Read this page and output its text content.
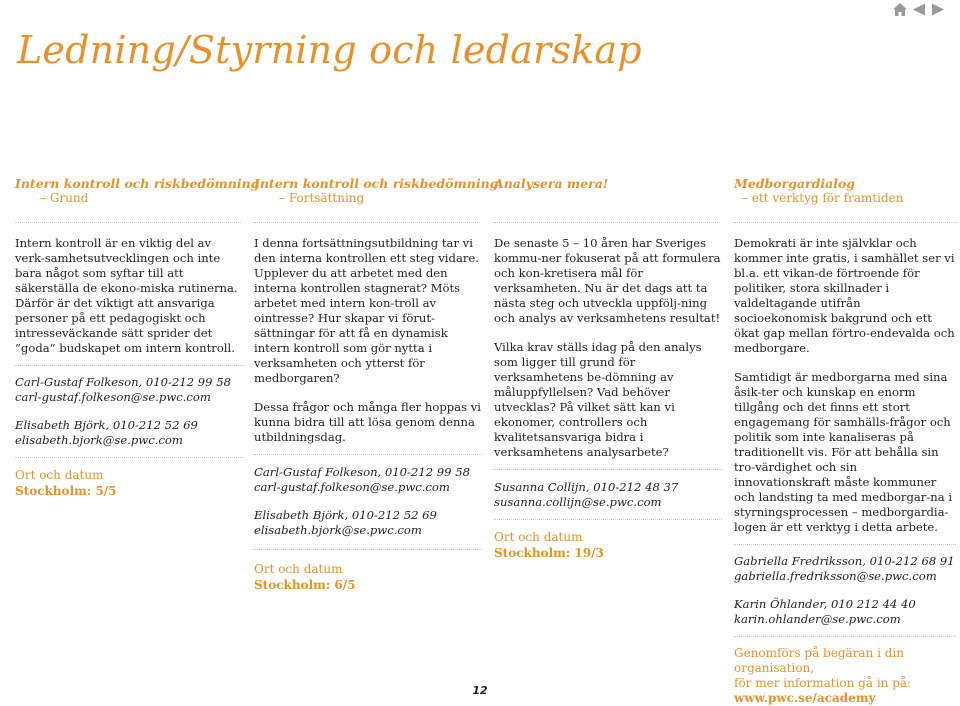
Ledning/Styrning och ledarskap
Intern kontroll och riskbedömning
– Grund

Intern kontroll är en viktig del av verk-samhetsutvecklingen och inte bara något som syftar till att säkerställa de ekono-miska rutinerna. Därför är det viktigt att ansvariga personer på ett pedagogiskt och intresseväckande sätt sprider det ”goda” budskapet om intern kontroll.

Carl-Gustaf Folkeson, 010-212 99 58
carl-gustaf.folkeson@se.pwc.com
Elisabeth Björk, 010-212 52 69
elisabeth.bjork@se.pwc.com
Ort och datum
Stockholm: 5/5
Intern kontroll och riskbedömning
– Fortsättning

I denna fortsättningsutbildning tar vi den interna kontrollen ett steg vidare. Upplever du att arbetet med den interna kontrollen stagnerat? Möts arbetet med intern kon-troll av ointresse? Hur skapar vi förut-sättningar för att få en dynamisk intern kontroll som gör nytta i verksamheten och ytterst för medborgaren?

Dessa frågor och många fler hoppas vi kunna bidra till att lösa genom denna utbildningsdag.

Carl-Gustaf Folkeson, 010-212 99 58
carl-gustaf.folkeson@se.pwc.com
Elisabeth Björk, 010-212 52 69
elisabeth.bjork@se.pwc.com
Ort och datum
Stockholm: 6/5
Analysera mera!

De senaste 5 – 10 åren har Sveriges kommu-ner fokuserat på att formulera och kon-kretisera mål för verksamheten. Nu är det dags att ta nästa steg och utveckla uppfölj-ning och analys av verksamhetens resultat!

Vilka krav ställs idag på den analys som ligger till grund för verksamhetens be-dömning av måluppfyllelsen? Vad behöver utvecklas? På vilket sätt kan vi ekonomer, controllers och kvalitetsansvariga bidra i verksamhetens analysarbete?

Susanna Collijn, 010-212 48 37
susanna.collijn@se.pwc.com
Ort och datum
Stockholm: 19/3
Medborgardialog
– ett verktyg för framtiden

Demokrati är inte självklar och kommer inte gratis, i samhället ser vi bl.a. ett vikan-de förtroende för politiker, stora skillnader i valdeltagande utifrån socioekonomisk bakgrund och ett ökat gap mellan förtro-endevalda och medborgare.

Samtidigt är medborgarna med sina åsik-ter och kunskap en enorm tillgång och det finns ett stort engagemang för samhälls-frågor och politik som inte kanaliseras på traditionellt vis. För att behålla sin tro-värdighet och sin innovationskraft måste kommuner och landsting ta med medborgar-na i styrningsprocessen – medborgardia-logen är ett verktyg i detta arbete.

Gabriella Fredriksson, 010-212 68 91
gabriella.fredriksson@se.pwc.com
Karin Öhlander, 010 212 44 40
karin.ohlander@se.pwc.com
Genomförs på begäran i din organisation,
för mer information gå in på:
www.pwc.se/academy
12
